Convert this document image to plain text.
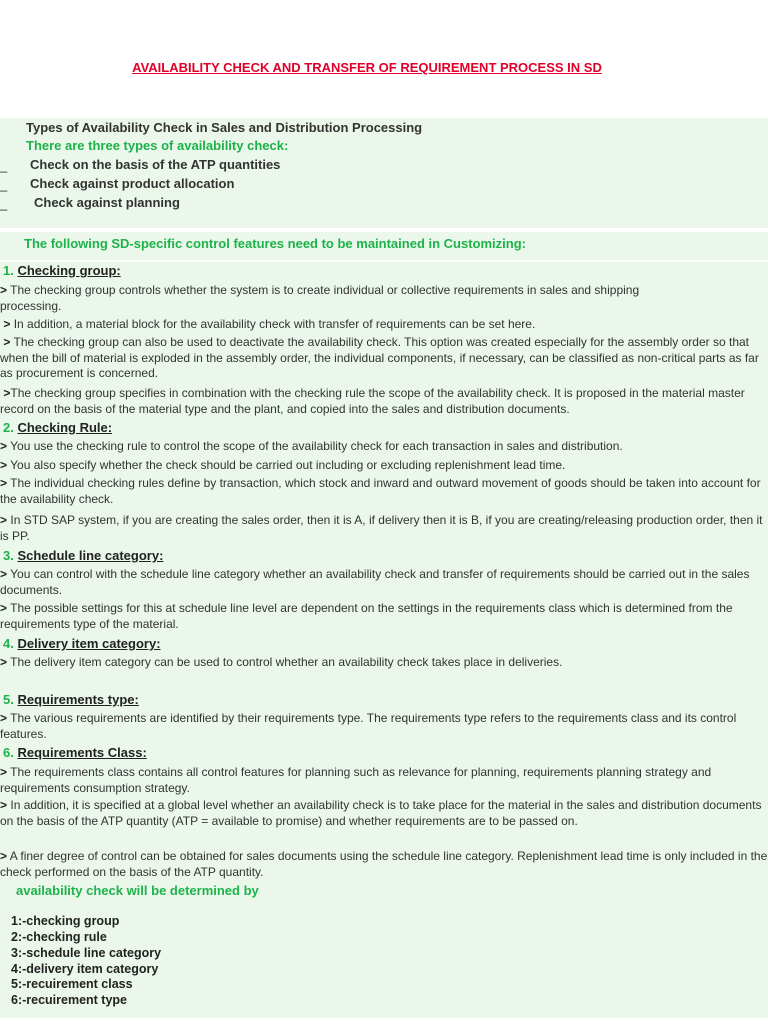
AVAILABILITY CHECK AND TRANSFER OF REQUIREMENT PROCESS IN SD
Types of Availability Check in Sales and Distribution Processing
There are three types of availability check:
_ Check on the basis of the ATP quantities
_ Check against product allocation
_ Check against planning
The following SD-specific control features need to be maintained in Customizing:
1. Checking group:
> The checking group controls whether the system is to create individual or collective requirements in sales and shipping processing.
> In addition, a material block for the availability check with transfer of requirements can be set here.
> The checking group can also be used to deactivate the availability check. This option was created especially for the assembly order so that when the bill of material is exploded in the assembly order, the individual components, if necessary, can be classified as non-critical parts as far as procurement is concerned.
>The checking group specifies in combination with the checking rule the scope of the availability check. It is proposed in the material master record on the basis of the material type and the plant, and copied into the sales and distribution documents.
2. Checking Rule:
> You use the checking rule to control the scope of the availability check for each transaction in sales and distribution.
> You also specify whether the check should be carried out including or excluding replenishment lead time.
> The individual checking rules define by transaction, which stock and inward and outward movement of goods should be taken into account for the availability check.
> In STD SAP system, if you are creating the sales order, then it is A, if delivery then it is B, if you are creating/releasing production order, then it is PP.
3. Schedule line category:
> You can control with the schedule line category whether an availability check and transfer of requirements should be carried out in the sales documents.
> The possible settings for this at schedule line level are dependent on the settings in the requirements class which is determined from the requirements type of the material.
4. Delivery item category:
> The delivery item category can be used to control whether an availability check takes place in deliveries.
5. Requirements type:
> The various requirements are identified by their requirements type. The requirements type refers to the requirements class and its control features.
6. Requirements Class:
> The requirements class contains all control features for planning such as relevance for planning, requirements planning strategy and requirements consumption strategy.
> In addition, it is specified at a global level whether an availability check is to take place for the material in the sales and distribution documents on the basis of the ATP quantity (ATP = available to promise) and whether requirements are to be passed on.
> A finer degree of control can be obtained for sales documents using the schedule line category. Replenishment lead time is only included in the check performed on the basis of the ATP quantity.
availability check will be determined by
1:-checking group
2:-checking rule
3:-schedule line category
4:-delivery item category
5:-recuirement class
6:-recuirement type
